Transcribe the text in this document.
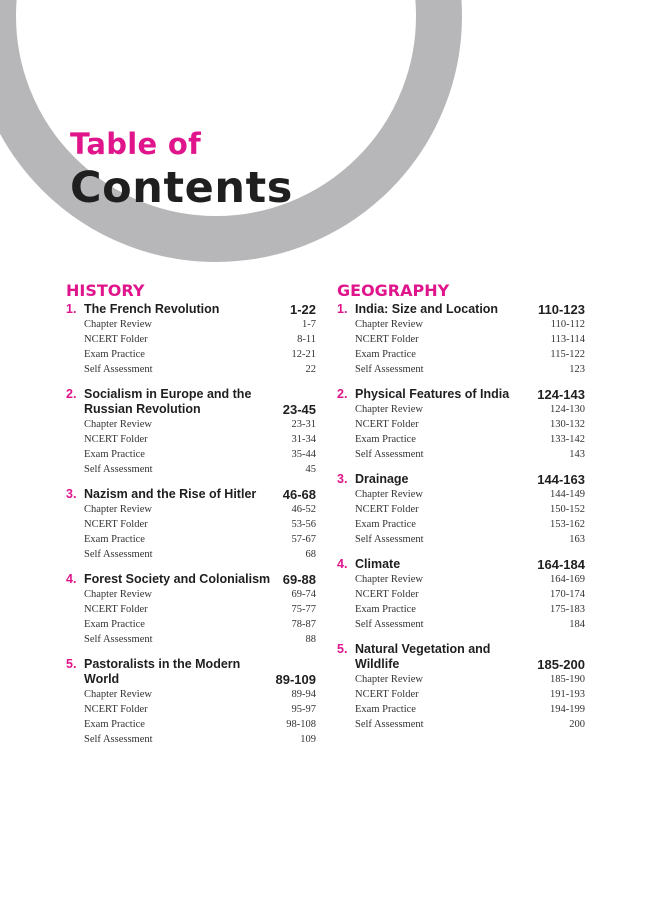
Table of
Contents
HISTORY
1. The French Revolution	1-22
Chapter Review	1-7
NCERT Folder	8-11
Exam Practice	12-21
Self Assessment	22
2. Socialism in Europe and the
Russian Revolution	23-45
Chapter Review	23-31
NCERT Folder	31-34
Exam Practice	35-44
Self Assessment	45
3. Nazism and the Rise of Hitler 46-68
Chapter Review	46-52
NCERT Folder	53-56
Exam Practice	57-67
Self Assessment	68
4. Forest Society and Colonialism 69-88
Chapter Review	69-74
NCERT Folder	75-77
Exam Practice	78-87
Self Assessment	88
5. Pastoralists in the Modern World	89-109
Chapter Review	89-94
NCERT Folder	95-97
Exam Practice	98-108
Self Assessment	109
GEOGRAPHY
1. India: Size and Location	110-123
Chapter Review	110-112
NCERT Folder	113-114
Exam Practice	115-122
Self Assessment	123
2. Physical Features of India 124-143
Chapter Review	124-130
NCERT Folder	130-132
Exam Practice	133-142
Self Assessment	143
3. Drainage	144-163
Chapter Review	144-149
NCERT Folder	150-152
Exam Practice	153-162
Self Assessment	163
4. Climate	164-184
Chapter Review	164-169
NCERT Folder	170-174
Exam Practice	175-183
Self Assessment	184
5. Natural Vegetation and Wildlife	185-200
Chapter Review	185-190
NCERT Folder	191-193
Exam Practice	194-199
Self Assessment	200
